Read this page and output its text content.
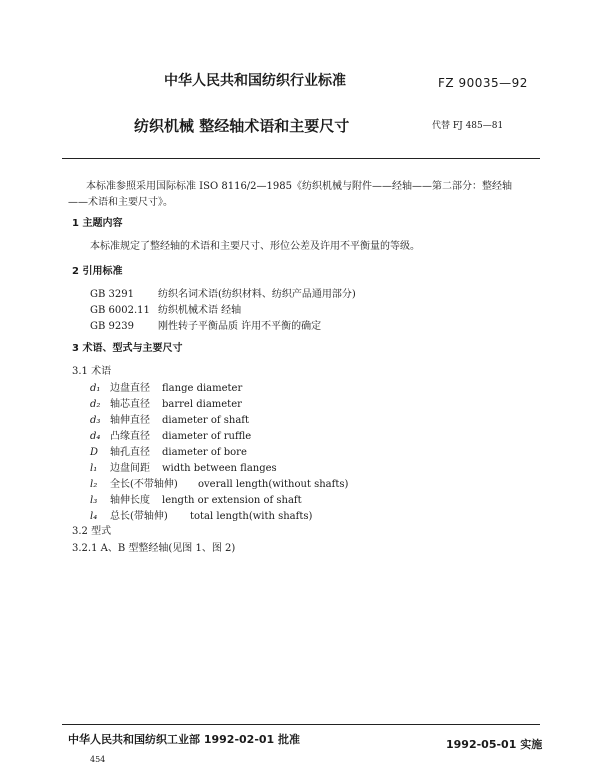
中华人民共和国纺织行业标准	FZ 90035—92
纺织机械 整经轴术语和主要尺寸	代替 FJ 485—81
本标准参照采用国际标准 ISO 8116/2—1985《纺织机械与附件——经轴——第二部分：整经轴
——术语和主要尺寸》。
1 主题内容
本标准规定了整经轴的术语和主要尺寸、形位公差及许用不平衡量的等级。
2 引用标准
GB 3291 纺织名词术语(纺织材料、纺织产品通用部分)
GB 6002.11 纺织机械术语 经轴
GB 9239 刚性转子平衡品质 许用不平衡的确定
3 术语、型式与主要尺寸
3.1 术语
d₁ 边盘直径 flange diameter
d₂ 轴芯直径 barrel diameter
d₃ 轴伸直径 diameter of shaft
d₄ 凸缘直径 diameter of ruffle
D 轴孔直径 diameter of bore
l₁ 边盘间距 width between flanges
l₂ 全长(不带轴伸) overall length(without shafts)
l₃ 轴伸长度 length or extension of shaft
l₄ 总长(带轴伸) total length(with shafts)
3.2 型式
3.2.1 A、B 型整经轴(见图 1、图 2)
中华人民共和国纺织工业部 1992-02-01 批准	1992-05-01 实施
454
